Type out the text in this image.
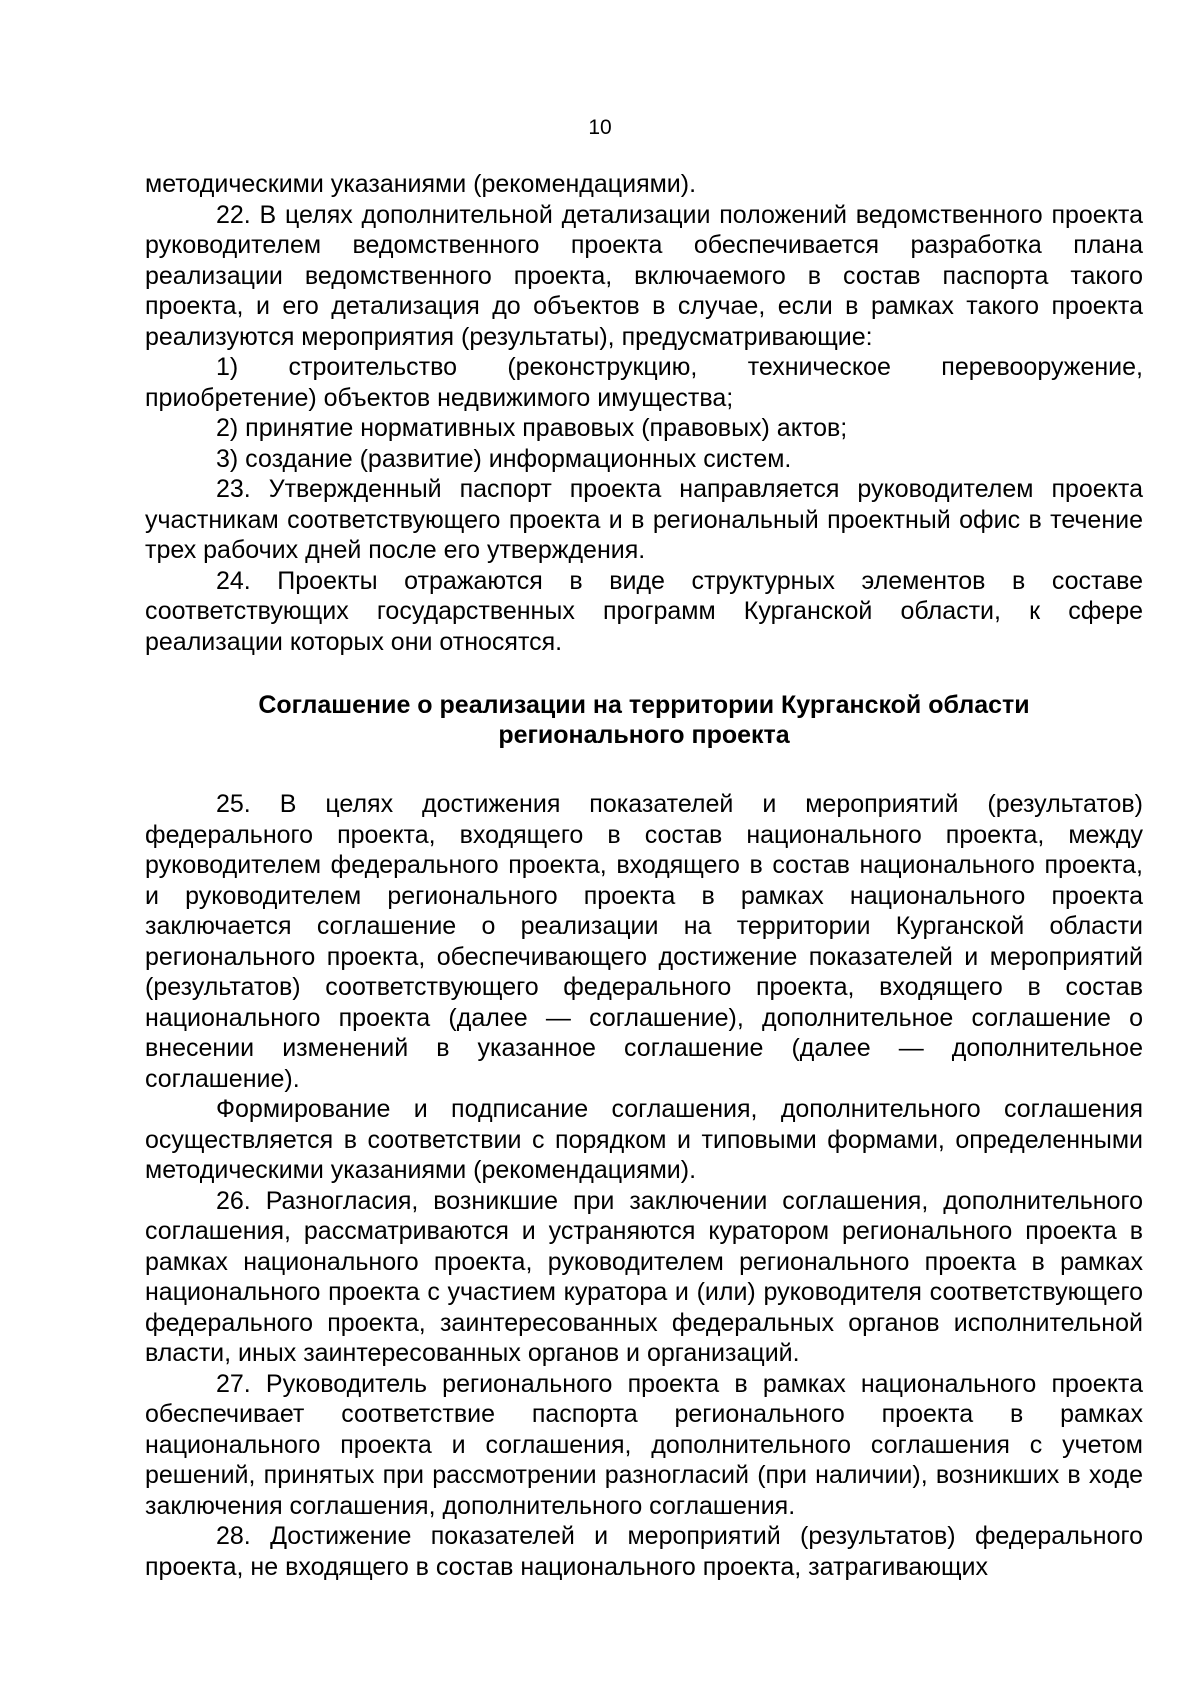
10

методическими указаниями (рекомендациями).

22. В целях дополнительной детализации положений ведомственного проекта руководителем ведомственного проекта обеспечивается разработка плана реализации ведомственного проекта, включаемого в состав паспорта такого проекта, и его детализация до объектов в случае, если в рамках такого проекта реализуются мероприятия (результаты), предусматривающие:

1) строительство (реконструкцию, техническое перевооружение, приобретение) объектов недвижимого имущества;

2) принятие нормативных правовых (правовых) актов;

3) создание (развитие) информационных систем.

23. Утвержденный паспорт проекта направляется руководителем проекта участникам соответствующего проекта и в региональный проектный офис в течение трех рабочих дней после его утверждения.

24. Проекты отражаются в виде структурных элементов в составе соответствующих государственных программ Курганской области, к сфере реализации которых они относятся.

Соглашение о реализации на территории Курганской области
регионального проекта

25. В целях достижения показателей и мероприятий (результатов) федерального проекта, входящего в состав национального проекта, между руководителем федерального проекта, входящего в состав национального проекта, и руководителем регионального проекта в рамках национального проекта заключается соглашение о реализации на территории Курганской области регионального проекта, обеспечивающего достижение показателей и мероприятий (результатов) соответствующего федерального проекта, входящего в состав национального проекта (далее — соглашение), дополнительное соглашение о внесении изменений в указанное соглашение (далее — дополнительное соглашение).

Формирование и подписание соглашения, дополнительного соглашения осуществляется в соответствии с порядком и типовыми формами, определенными методическими указаниями (рекомендациями).

26. Разногласия, возникшие при заключении соглашения, дополнительного соглашения, рассматриваются и устраняются куратором регионального проекта в рамках национального проекта, руководителем регионального проекта в рамках национального проекта с участием куратора и (или) руководителя соответствующего федерального проекта, заинтересованных федеральных органов исполнительной власти, иных заинтересованных органов и организаций.

27. Руководитель регионального проекта в рамках национального проекта обеспечивает соответствие паспорта регионального проекта в рамках национального проекта и соглашения, дополнительного соглашения с учетом решений, принятых при рассмотрении разногласий (при наличии), возникших в ходе заключения соглашения, дополнительного соглашения.

28. Достижение показателей и мероприятий (результатов) федерального проекта, не входящего в состав национального проекта, затрагивающих
